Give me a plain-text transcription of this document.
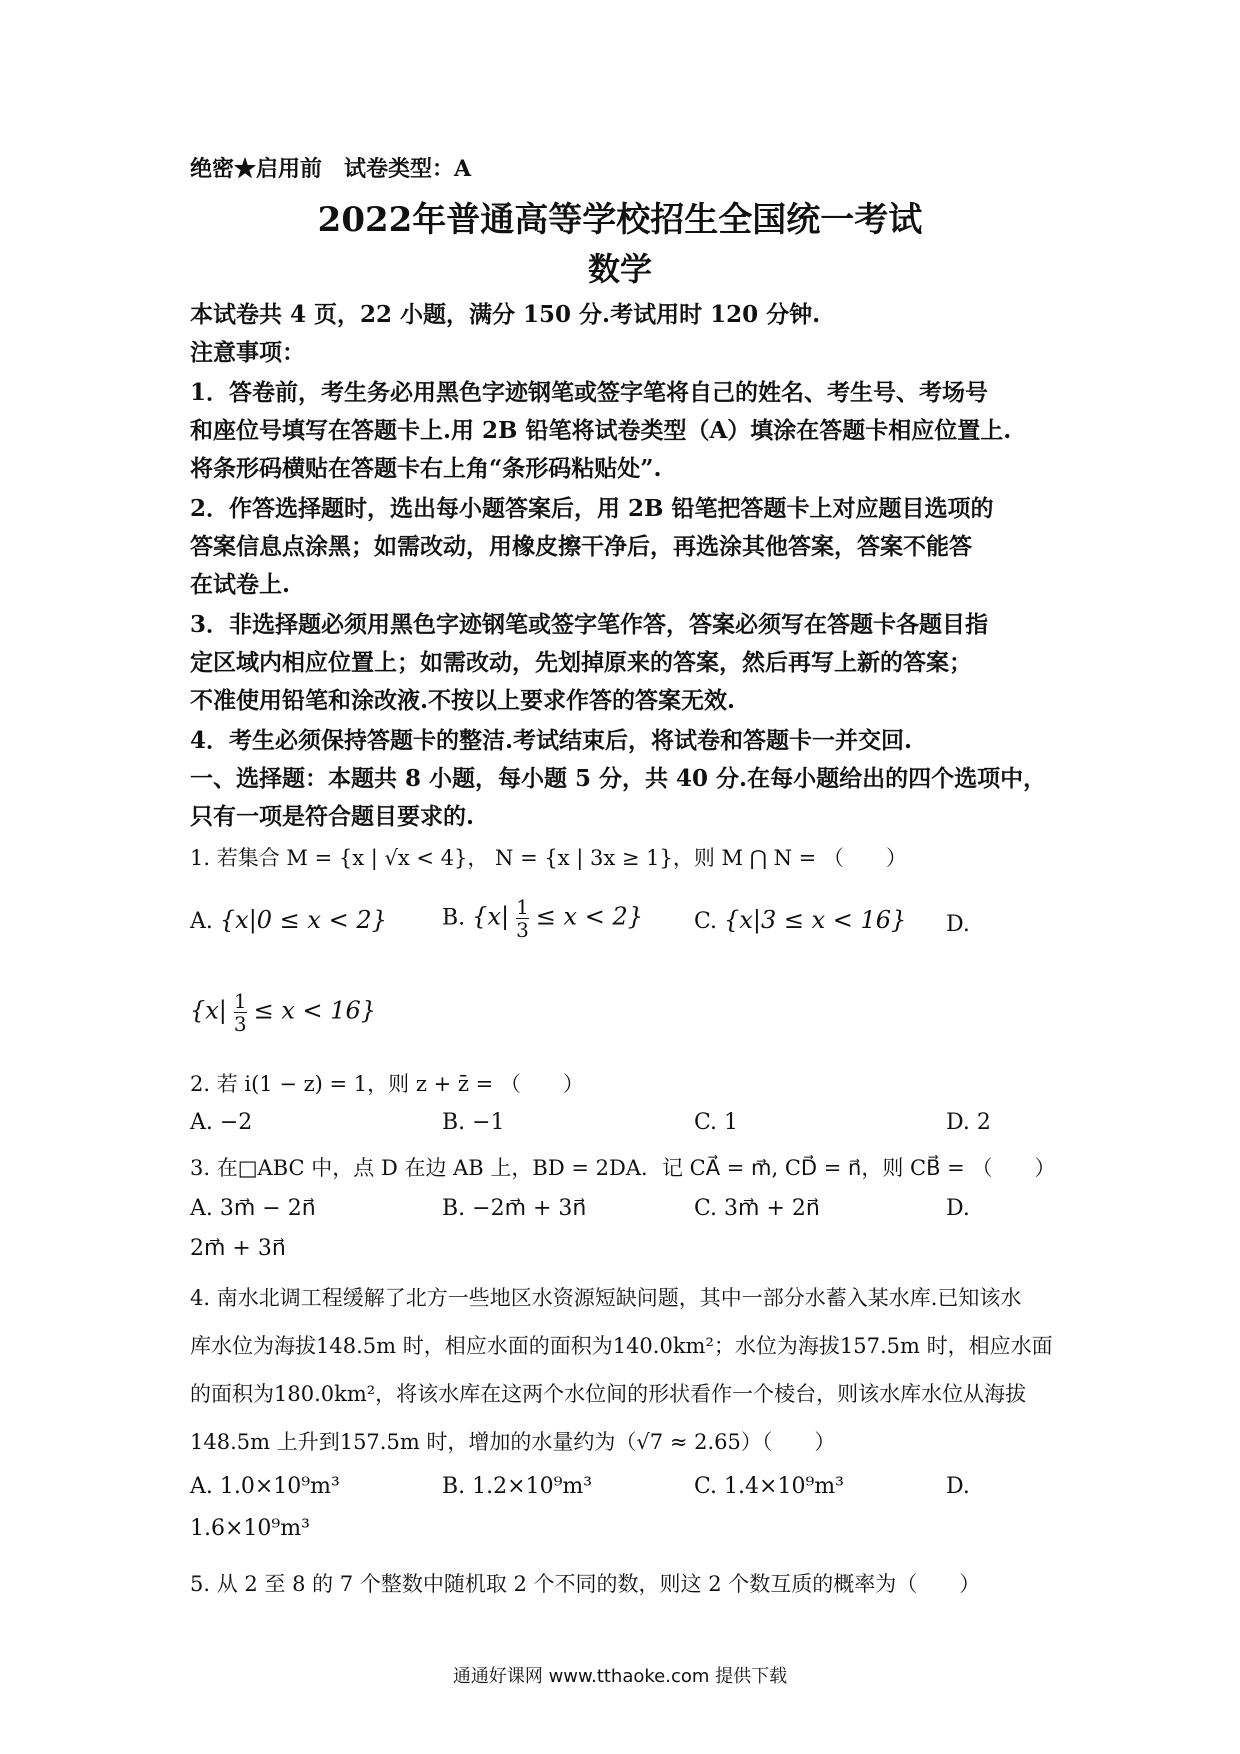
绝密★启用前　试卷类型：A
2022年普通高等学校招生全国统一考试
数学
本试卷共 4 页，22 小题，满分 150 分.考试用时 120 分钟.
注意事项：
1．答卷前，考生务必用黑色字迹钢笔或签字笔将自己的姓名、考生号、考场号
和座位号填写在答题卡上.用 2B 铅笔将试卷类型（A）填涂在答题卡相应位置上.
将条形码横贴在答题卡右上角“条形码粘贴处”.
2．作答选择题时，选出每小题答案后，用 2B 铅笔把答题卡上对应题目选项的
答案信息点涂黑；如需改动，用橡皮擦干净后，再选涂其他答案，答案不能答
在试卷上.
3．非选择题必须用黑色字迹钢笔或签字笔作答，答案必须写在答题卡各题目指
定区域内相应位置上；如需改动，先划掉原来的答案，然后再写上新的答案；
不准使用铅笔和涂改液.不按以上要求作答的答案无效.
4．考生必须保持答题卡的整洁.考试结束后，将试卷和答题卡一并交回.
一、选择题：本题共 8 小题，每小题 5 分，共 40 分.在每小题给出的四个选项中，
只有一项是符合题目要求的.
1. 若集合 M = {x | √x < 4}， N = {x | 3x ≥ 1}，则 M ⋂ N = （　　）
A. {x|0 ≤ x < 2}	B. $\{x| \frac{1}{3} \le x < 2\}$ C. {x|3 ≤ x < 16} D.
$\{x| \frac{1}{3} \le x < 16\}$
2. 若 i(1 − z) = 1，则 z + z̄ = （　　）
A. −2	B. −1	C. 1	D. 2
3. 在□ABC 中，点 D 在边 AB 上，BD = 2DA．记 CA⃗ = m⃗, CD⃗ = n⃗，则 CB⃗ = （　　）
A. 3m⃗ − 2n⃗	B. −2m⃗ + 3n⃗	C. 3m⃗ + 2n⃗	D.
2m⃗ + 3n⃗
4. 南水北调工程缓解了北方一些地区水资源短缺问题，其中一部分水蓄入某水库.已知该水
库水位为海拔148.5m 时，相应水面的面积为140.0km²；水位为海拔157.5m 时，相应水面
的面积为180.0km²，将该水库在这两个水位间的形状看作一个棱台，则该水库水位从海拔
148.5m 上升到157.5m 时，增加的水量约为（√7 ≈ 2.65）（　　）
A. 1.0×10⁹m³	B. 1.2×10⁹m³	C. 1.4×10⁹m³	D.
1.6×10⁹m³
5. 从 2 至 8 的 7 个整数中随机取 2 个不同的数，则这 2 个数互质的概率为（　　）
通通好课网 www.tthaoke.com 提供下载
